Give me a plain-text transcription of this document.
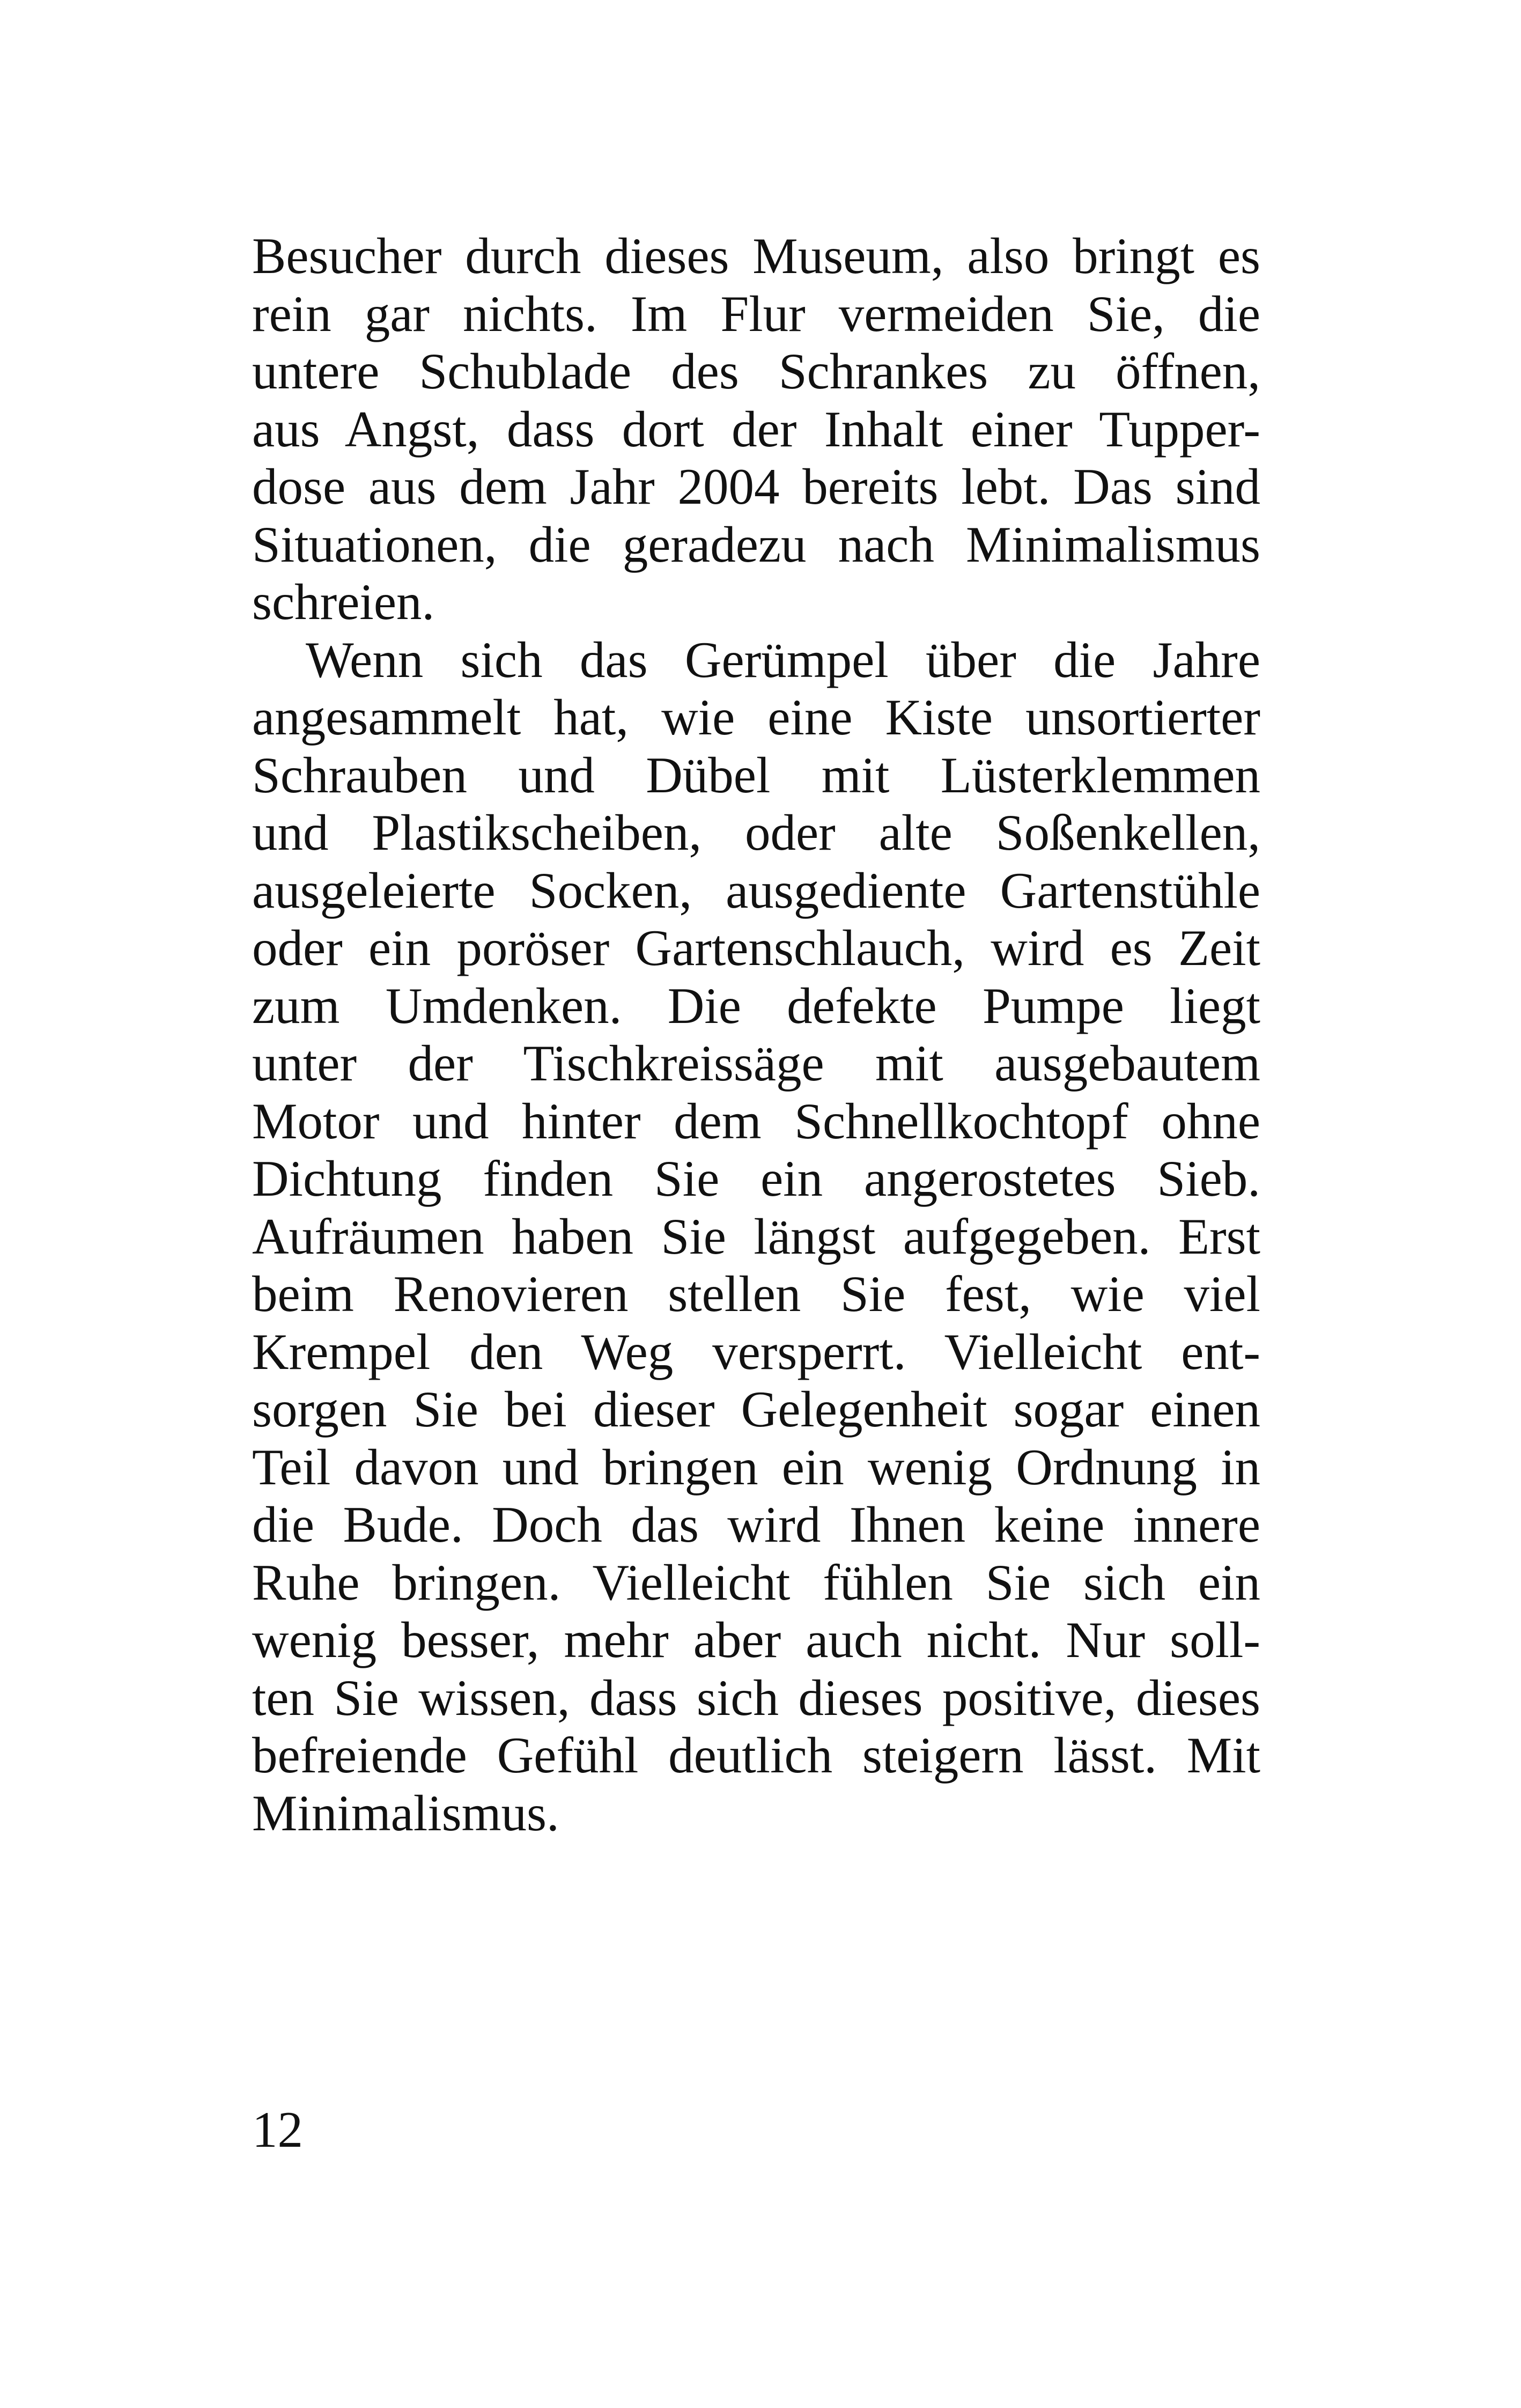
Besucher durch dieses Museum, also bringt es
rein gar nichts. Im Flur vermeiden Sie, die
untere Schublade des Schrankes zu öffnen,
aus Angst, dass dort der Inhalt einer Tupper-
dose aus dem Jahr 2004 bereits lebt. Das sind
Situationen, die geradezu nach Minimalismus
schreien.
Wenn sich das Gerümpel über die Jahre
angesammelt hat, wie eine Kiste unsortierter
Schrauben und Dübel mit Lüsterklemmen
und Plastikscheiben, oder alte Soßenkellen,
ausgeleierte Socken, ausgediente Gartenstühle
oder ein poröser Gartenschlauch, wird es Zeit
zum Umdenken. Die defekte Pumpe liegt
unter der Tischkreissäge mit ausgebautem
Motor und hinter dem Schnellkochtopf ohne
Dichtung finden Sie ein angerostetes Sieb.
Aufräumen haben Sie längst aufgegeben. Erst
beim Renovieren stellen Sie fest, wie viel
Krempel den Weg versperrt. Vielleicht ent-
sorgen Sie bei dieser Gelegenheit sogar einen
Teil davon und bringen ein wenig Ordnung in
die Bude. Doch das wird Ihnen keine innere
Ruhe bringen. Vielleicht fühlen Sie sich ein
wenig besser, mehr aber auch nicht. Nur soll-
ten Sie wissen, dass sich dieses positive, dieses
befreiende Gefühl deutlich steigern lässt. Mit
Minimalismus.
12
